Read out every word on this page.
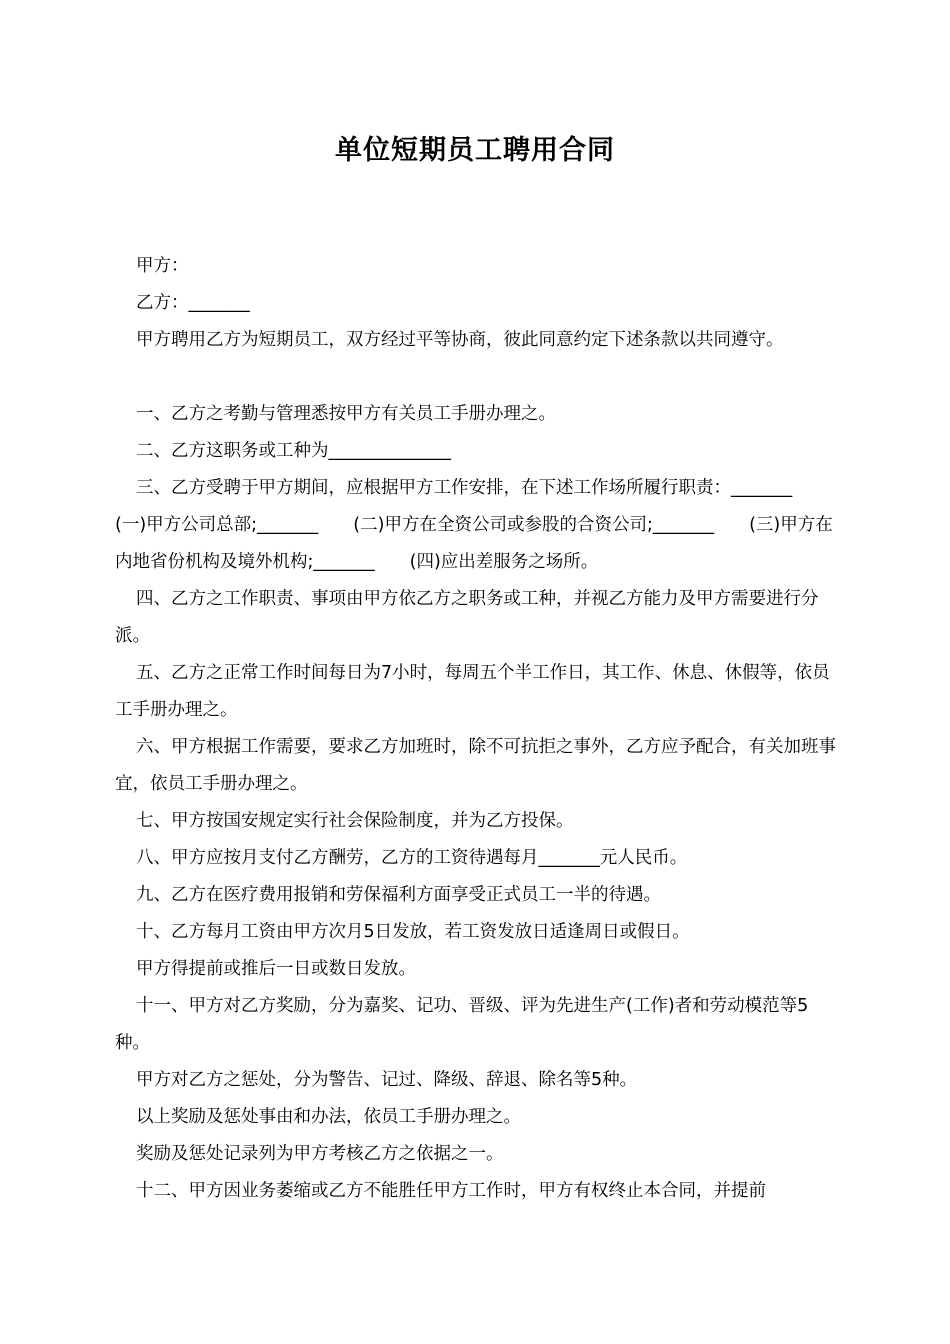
单位短期员工聘用合同

甲方：

乙方：_______

甲方聘用乙方为短期员工，双方经过平等协商，彼此同意约定下述条款以共同遵守。

一、乙方之考勤与管理悉按甲方有关员工手册办理之。

二、乙方这职务或工种为______________

三、乙方受聘于甲方期间，应根据甲方工作安排，在下述工作场所履行职责：_______　　(一)甲方公司总部;_______　　(二)甲方在全资公司或参股的合资公司;_______　　(三)甲方在内地省份机构及境外机构;_______　　(四)应出差服务之场所。

四、乙方之工作职责、事项由甲方依乙方之职务或工种，并视乙方能力及甲方需要进行分派。

五、乙方之正常工作时间每日为7小时，每周五个半工作日，其工作、休息、休假等，依员工手册办理之。

六、甲方根据工作需要，要求乙方加班时，除不可抗拒之事外，乙方应予配合，有关加班事宜，依员工手册办理之。

七、甲方按国安规定实行社会保险制度，并为乙方投保。

八、甲方应按月支付乙方酬劳，乙方的工资待遇每月_______元人民币。

九、乙方在医疗费用报销和劳保福利方面享受正式员工一半的待遇。

十、乙方每月工资由甲方次月5日发放，若工资发放日适逢周日或假日。

甲方得提前或推后一日或数日发放。

十一、甲方对乙方奖励，分为嘉奖、记功、晋级、评为先进生产(工作)者和劳动模范等5种。

甲方对乙方之惩处，分为警告、记过、降级、辞退、除名等5种。

以上奖励及惩处事由和办法，依员工手册办理之。

奖励及惩处记录列为甲方考核乙方之依据之一。

十二、甲方因业务萎缩或乙方不能胜任甲方工作时，甲方有权终止本合同，并提前
